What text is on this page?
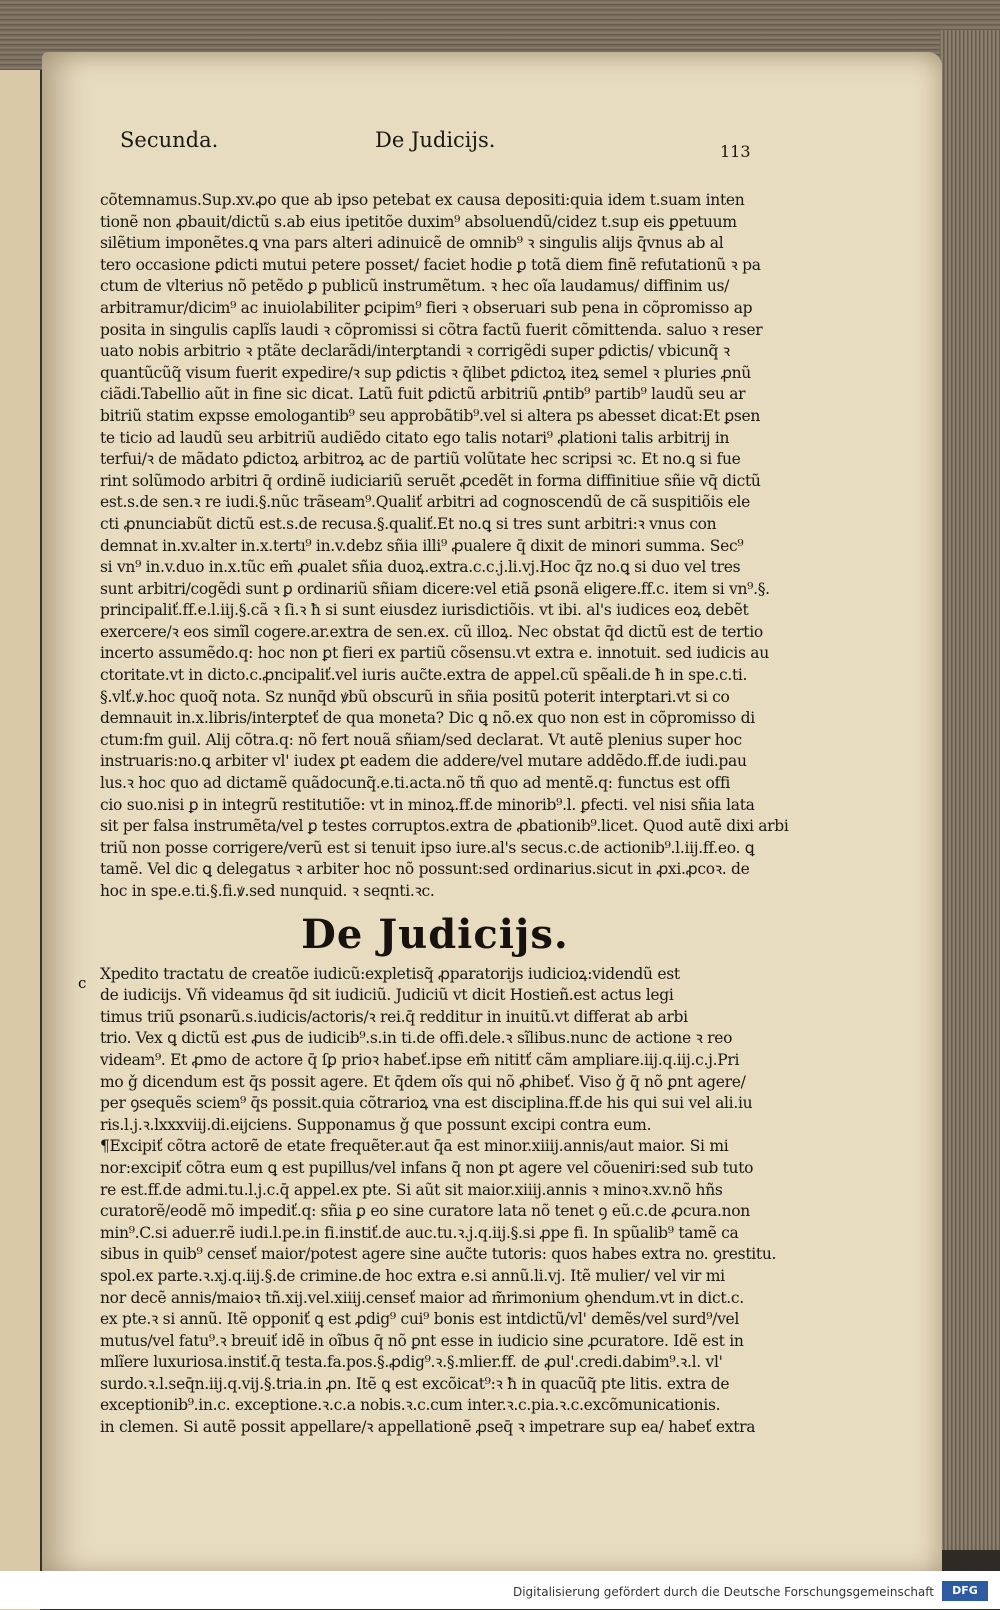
Secunda.	De Judicijs.	113
cõtemnamus.Sup.xv.ꝓo que ab ipso petebat ex causa depositi:quia idem t.suam inten
tionẽ non ꝓbauit/dictũ s.ab eius ipetitõe duxim⁹ absoluendũ/cidez t.sup eis ꝑpetuum
silẽtium imponẽtes.ꝗ vna pars alteri adinuicẽ de omnib⁹ ꝛ singulis alijs q̄vnus ab al
tero occasione ꝑdicti mutui petere posset/ faciet hodie ꝑ totã diem finẽ refutationũ ꝛ pa
ctum de vlterius nõ petẽdo ꝑ publicũ instrumẽtum. ꝛ hec oĩa laudamus/ diffinim us/
arbitramur/dicim⁹ ac inuiolabiliter ꝑcipim⁹ fieri ꝛ obseruari sub pena in cõpromisso ap
posita in singulis caplĩs laudi ꝛ cõpromissi si cõtra factũ fuerit cõmittenda. saluo ꝛ reser
uato nobis arbitrio ꝛ ptãte declarãdi/interꝑtandi ꝛ corrigẽdi super ꝑdictis/ vbicunq̃ ꝛ
quantũcũq̃ visum fuerit expedire/ꝛ sup ꝑdictis ꝛ q̄libet ꝑdictoꝝ iteꝝ semel ꝛ pluries ꝓnũ
ciãdi.Tabellio aũt in fine sic dicat. Latũ fuit ꝑdictũ arbitriũ ꝓntib⁹ partib⁹ laudũ seu ar
bitriũ statim expsse emologantib⁹ seu approbãtib⁹.vel si altera ps abesset dicat:Et ꝑsen
te ticio ad laudũ seu arbitriũ audiẽdo citato ego talis notari⁹ ꝓlationi talis arbitrij in
terfui/ꝛ de mãdato ꝑdictoꝝ arbitroꝝ ac de partiũ volũtate hec scripsi ꝛc. Et no.ꝗ si fue
rint solũmodo arbitri q̄ ordinẽ iudiciariũ seruẽt ꝓcedẽt in forma diffinitiue sñie vq̄ dictũ
est.s.de sen.ꝛ re iudi.§.nũc trãseam⁹.Qualiť arbitri ad cognoscendũ de cã suspitiõis ele
cti ꝓnunciabũt dictũ est.s.de recusa.§.qualiť.Et no.ꝗ si tres sunt arbitri:ꝛ vnus con
demnat in.xv.alter in.x.tertı⁹ in.v.debz sñia illi⁹ ꝓualere q̄ dixit de minori summa. Sec⁹
si vn⁹ in.v.duo in.x.tũc em̃ ꝓualet sñia duoꝝ.extra.c.c.j.li.vj.Hoc q̄z no.ꝗ si duo vel tres
sunt arbitri/cogẽdi sunt ꝑ ordinariũ sñiam dicere:vel etiã ꝑsonã eligere.ff.c. item si vn⁹.§.
principaliť.ff.e.l.iij.§.cã ꝛ ſi.ꝛ ħ si sunt eiusdez iurisdictiõis. vt ibi. al's iudices eoꝝ debẽt
exercere/ꝛ eos simĩl cogere.ar.extra de sen.ex. cũ illoꝝ. Nec obstat q̄d dictũ est de tertio
incerto assumẽdo.q: hoc non ꝑt fieri ex partiũ cõsensu.vt extra e. innotuit. sed iudicis au
ctoritate.vt in dicto.c.ꝓncipaliť.vel iuris auc̃te.extra de appel.cũ spẽali.de ħ in spe.c.ti.
§.vlť.ꝟ.hoc quoq̃ nota. Sz nunq̄d ꝟbũ obscurũ in sñia positũ poterit interꝑtari.vt si co
demnauit in.x.libris/interꝑteť de qua moneta? Dic ꝗ nõ.ex quo non est in cõpromisso di
ctum:fm guil. Alij cõtra.q: nõ fert nouã sñiam/sed declarat. Vt autẽ plenius super hoc
instruaris:no.ꝗ arbiter vl' iudex ꝑt eadem die addere/vel mutare addẽdo.ff.de iudi.pau
lus.ꝛ hoc quo ad dictamẽ quãdocunq̃.e.ti.acta.nõ tñ quo ad mentẽ.q: functus est offi
cio suo.nisi ꝑ in integrũ restitutiõe: vt in minoꝝ.ff.de minorib⁹.l. ꝑfecti. vel nisi sñia lata
sit per falsa instrumẽta/vel ꝑ testes corruptos.extra de ꝓbationib⁹.licet. Quod autẽ dixi arbi
triũ non posse corrigere/verũ est si tenuit ipso iure.al's secus.c.de actionib⁹.l.iij.ff.eo. ꝗ
tamẽ. Vel dic ꝗ delegatus ꝛ arbiter hoc nõ possunt:sed ordinarius.sicut in ꝓxi.ꝓcoꝛ. de
hoc in spe.e.ti.§.fi.ꝟ.sed nunquid. ꝛ seqnti.ꝛc.
De Judicijs.
c Xpedito tractatu de creatõe iudicũ:expletisq̃ ꝓparatorijs iudicioꝝ:videndũ est
de iudicijs. Vñ videamus q̄d sit iudiciũ. Judiciũ vt dicit Hostieñ.est actus legi
timus triũ ꝑsonarũ.s.iudicis/actoris/ꝛ rei.q̄ redditur in inuitũ.vt differat ab arbi
trio. Vex ꝗ dictũ est ꝓus de iudicib⁹.s.in ti.de offi.dele.ꝛ sĩlibus.nunc de actione ꝛ reo
videam⁹. Et ꝓmo de actore q̄ ſꝑ prioꝛ habeť.ipse em̃ nititť cãm ampliare.iij.q.iij.c.j.Pri
mo ǧ dicendum est q̄s possit agere. Et q̄dem oĩs qui nõ ꝓhibeť. Viso ǧ q̄ nõ ꝑnt agere/
per ꝯsequẽs sciem⁹ q̄s possit.quia cõtrarioꝝ vna est disciplina.ff.de his qui sui vel ali.iu
ris.l.j.ꝛ.lxxxviij.di.eijciens. Supponamus ǧ que possunt excipi contra eum.
¶Excipiť cõtra actorẽ de etate frequẽter.aut q̄a est minor.xiiij.annis/aut maior. Si mi
nor:excipiť cõtra eum ꝗ est pupillus/vel infans q̄ non ꝑt agere vel cõueniri:sed sub tuto
re est.ff.de admi.tu.l.j.c.q̄ appel.ex pte. Si aũt sit maior.xiiij.annis ꝛ minoꝛ.xv.nõ hñs
curatorẽ/eodẽ mõ impediť.q: sñia ꝑ eo sine curatore lata nõ tenet ꝯ eũ.c.de ꝓcura.non
min⁹.C.si aduer.rẽ iudi.l.pe.in fi.instiť.de auc.tu.ꝛ.j.q.iij.§.si ꝓpe fi. In spũalib⁹ tamẽ ca
sibus in quib⁹ censeť maior/potest agere sine auc̃te tutoris: quos habes extra no. ꝯrestitu.
spol.ex parte.ꝛ.xj.q.iij.§.de crimine.de hoc extra e.si annũ.li.vj. Itẽ mulier/ vel vir mi
nor decẽ annis/maioꝛ tñ.xij.vel.xiiij.censeť maior ad m̃rimonium ꝯhendum.vt in dict.c.
ex pte.ꝛ si annũ. Itẽ opponiť ꝗ est ꝓdig⁹ cui⁹ bonis est intdictũ/vl' demẽs/vel surd⁹/vel
mutus/vel fatu⁹.ꝛ breuiť idẽ in oĩbus q̄ nõ ꝑnt esse in iudicio sine ꝓcuratore. Idẽ est in
mlĩere luxuriosa.instiť.q̄ testa.fa.pos.§.ꝓdig⁹.ꝛ.§.mlier.ff. de ꝓul'.credi.dabim⁹.ꝛ.l. vl'
surdo.ꝛ.l.seq̄n.iij.q.vij.§.tria.in ꝓn. Itẽ ꝗ est excõicat⁹:ꝛ ħ in quacũq̃ pte litis. extra de
exceptionib⁹.in.c. exceptione.ꝛ.c.a nobis.ꝛ.c.cum inter.ꝛ.c.pia.ꝛ.c.excõmunicationis.
in clemen. Si autẽ possit appellare/ꝛ appellationẽ ꝓseq̄ ꝛ impetrare sup ea/ habeť extra
Digitalisierung gefördert durch die Deutsche Forschungsgemeinschaft	DFG
